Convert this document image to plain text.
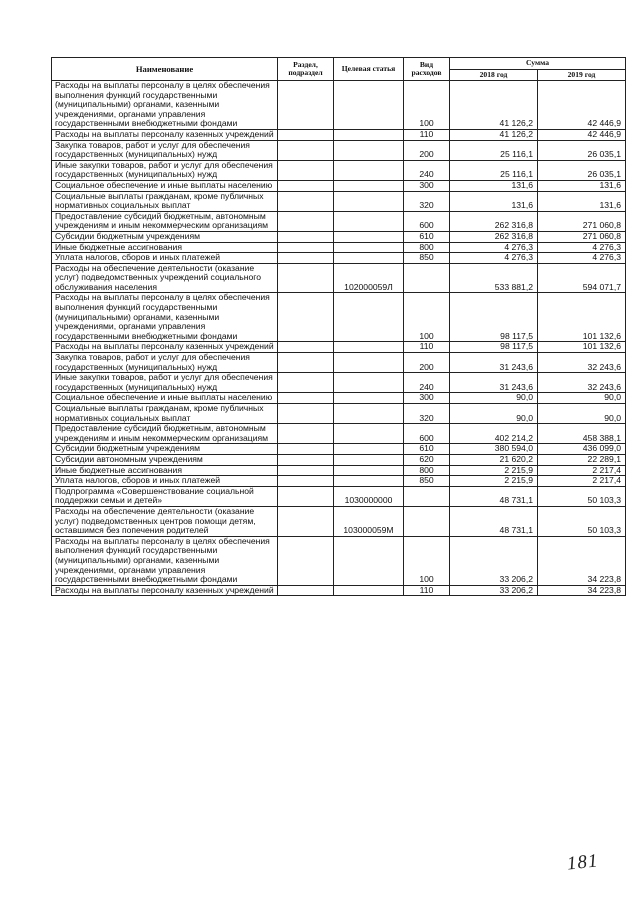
Наименование	Раздел, подраздел	Целевая статья	Вид расходов	Сумма	
				2018 год	2019 год
Расходы на выплаты персоналу в целях обеспечения выполнения функций государственными (муниципальными) органами, казенными учреждениями, органами управления государственными внебюджетными фондами			100	41 126,2	42 446,9
Расходы на выплаты персоналу казенных учреждений			110	41 126,2	42 446,9
Закупка товаров, работ и услуг для обеспечения государственных (муниципальных) нужд			200	25 116,1	26 035,1
Иные закупки товаров, работ и услуг для обеспечения государственных (муниципальных) нужд			240	25 116,1	26 035,1
Социальное обеспечение и иные выплаты населению			300	131,6	131,6
Социальные выплаты гражданам, кроме публичных нормативных социальных выплат			320	131,6	131,6
Предоставление субсидий бюджетным, автономным учреждениям и иным некоммерческим организациям			600	262 316,8	271 060,8
Субсидии бюджетным учреждениям			610	262 316,8	271 060,8
Иные бюджетные ассигнования			800	4 276,3	4 276,3
Уплата налогов, сборов и иных платежей			850	4 276,3	4 276,3
Расходы на обеспечение деятельности (оказание услуг) подведомственных учреждений социального обслуживания населения		102000059Л		533 881,2	594 071,7
Расходы на выплаты персоналу в целях обеспечения выполнения функций государственными (муниципальными) органами, казенными учреждениями, органами управления государственными внебюджетными фондами			100	98 117,5	101 132,6
Расходы на выплаты персоналу казенных учреждений			110	98 117,5	101 132,6
Закупка товаров, работ и услуг для обеспечения государственных (муниципальных) нужд			200	31 243,6	32 243,6
Иные закупки товаров, работ и услуг для обеспечения государственных (муниципальных) нужд			240	31 243,6	32 243,6
Социальное обеспечение и иные выплаты населению			300	90,0	90,0
Социальные выплаты гражданам, кроме публичных нормативных социальных выплат			320	90,0	90,0
Предоставление субсидий бюджетным, автономным учреждениям и иным некоммерческим организациям			600	402 214,2	458 388,1
Субсидии бюджетным учреждениям			610	380 594,0	436 099,0
Субсидии автономным учреждениям			620	21 620,2	22 289,1
Иные бюджетные ассигнования			800	2 215,9	2 217,4
Уплата налогов, сборов и иных платежей			850	2 215,9	2 217,4
Подпрограмма «Совершенствование социальной поддержки семьи и детей»		1030000000		48 731,1	50 103,3
Расходы на обеспечение деятельности (оказание услуг) подведомственных центров помощи детям, оставшимся без попечения родителей		103000059М		48 731,1	50 103,3
Расходы на выплаты персоналу в целях обеспечения выполнения функций государственными (муниципальными) органами, казенными учреждениями, органами управления государственными внебюджетными фондами			100	33 206,2	34 223,8
Расходы на выплаты персоналу казенных учреждений			110	33 206,2	34 223,8
181
